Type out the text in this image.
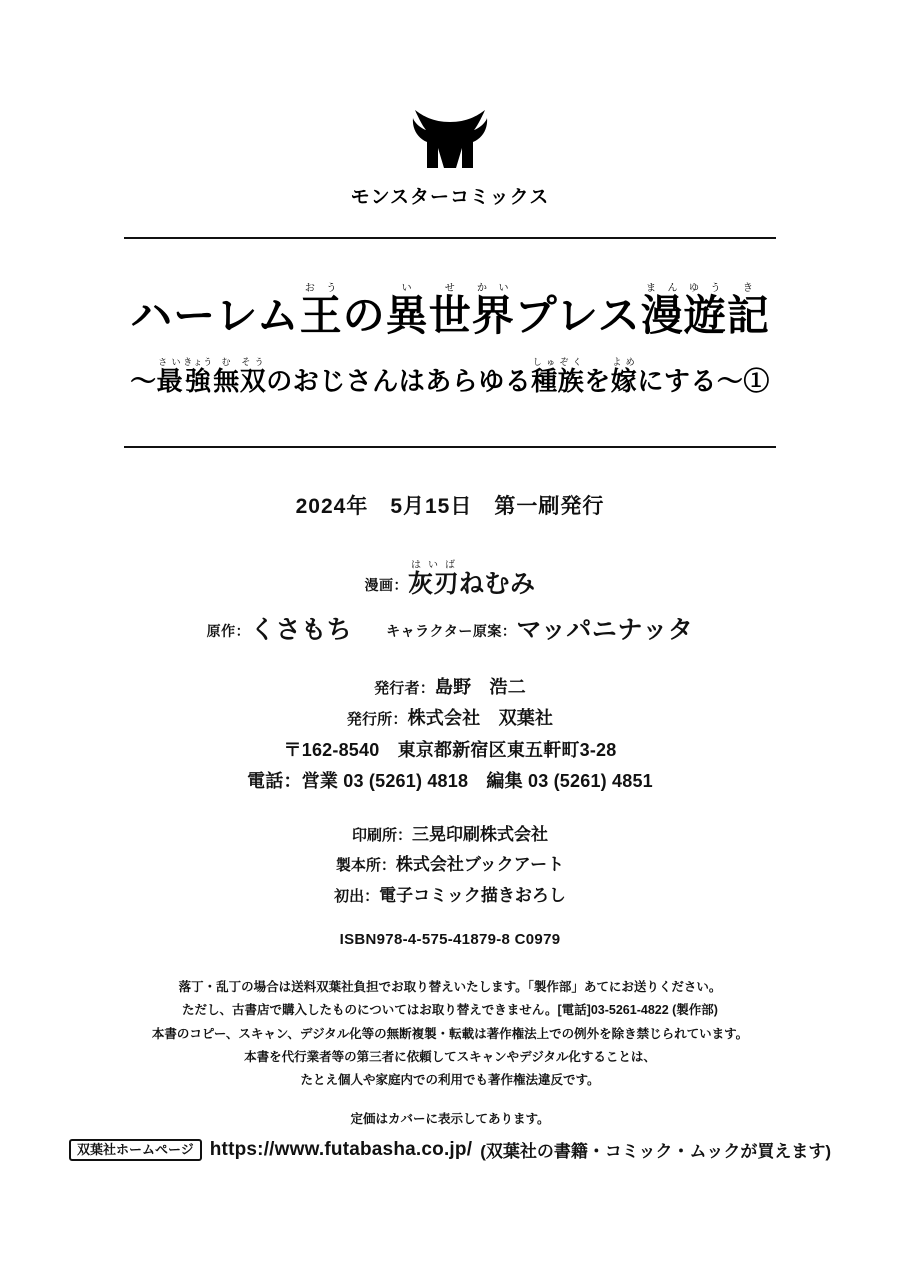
モンスターコミックス
ハーレム王おうの異い世せ界かいプレス漫まん遊ゆう記き
～最さい強きょう無む双そうのおじさんはあらゆる種しゅ族ぞくを嫁よめにする～①
2024年　5月15日　第一刷発行
漫画：灰刃はいばねむみ
原作：くさもち キャラクター原案：マッパニナッタ
発行者：島野　浩二
発行所：株式会社　双葉社
〒162-8540　東京都新宿区東五軒町3-28
電話：営業 03 (5261) 4818　編集 03 (5261) 4851
印刷所：三晃印刷株式会社
製本所：株式会社ブックアート
初出：電子コミック描きおろし
ISBN978-4-575-41879-8 C0979
落丁・乱丁の場合は送料双葉社負担でお取り替えいたします。「製作部」あてにお送りください。
ただし、古書店で購入したものについてはお取り替えできません。[電話]03-5261-4822 (製作部)
本書のコピー、スキャン、デジタル化等の無断複製・転載は著作権法上での例外を除き禁じられています。
本書を代行業者等の第三者に依頼してスキャンやデジタル化することは、
たとえ個人や家庭内での利用でも著作権法違反です。
定価はカバーに表示してあります。
双葉社ホームページ https://www.futabasha.co.jp/ (双葉社の書籍・コミック・ムックが買えます)
